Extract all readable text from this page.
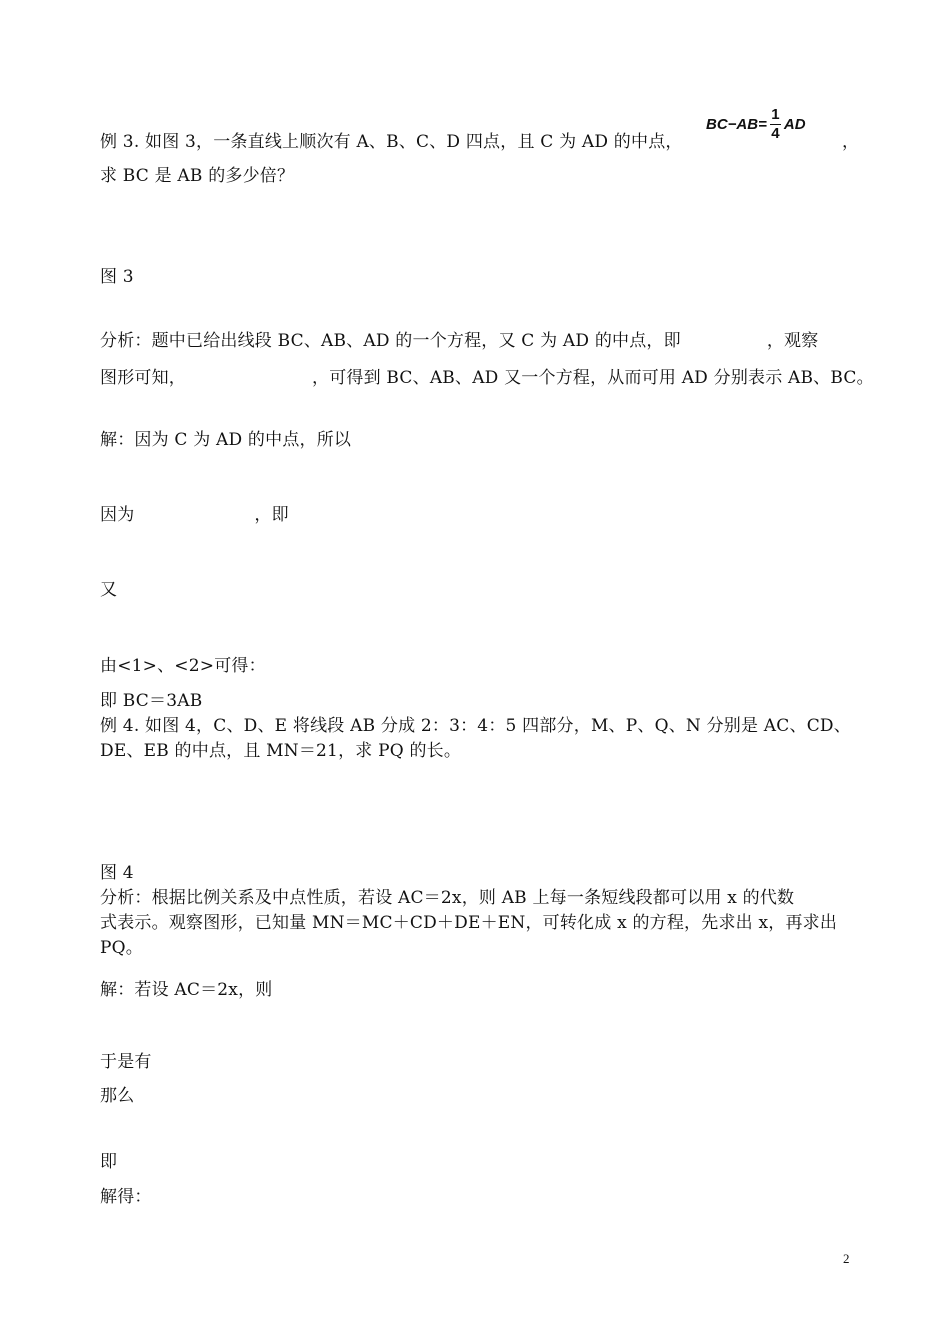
例 3. 如图 3，一条直线上顺次有 A、B、C、D 四点，且 C 为 AD 的中点，
$BC-AB= \frac{1}{4}$ AD
，
求 BC 是 AB 的多少倍？
图 3
分析：题中已给出线段 BC、AB、AD 的一个方程，又 C 为 AD 的中点，即	，观察
图形可知，	，可得到 BC、AB、AD 又一个方程，从而可用 AD 分别表示 AB、BC。
解：因为 C 为 AD 的中点，所以
因为	，即
又
由<1>、<2>可得：
即 BC＝3AB
例 4. 如图 4，C、D、E 将线段 AB 分成 2：3：4：5 四部分，M、P、Q、N 分别是 AC、CD、
DE、EB 的中点，且 MN＝21，求 PQ 的长。
图 4
分析：根据比例关系及中点性质，若设 AC＝2x，则 AB 上每一条短线段都可以用 x 的代数
式表示。观察图形，已知量 MN＝MC＋CD＋DE＋EN，可转化成 x 的方程，先求出 x，再求出
PQ。
解：若设 AC＝2x，则
于是有
那么
即
解得：
2
